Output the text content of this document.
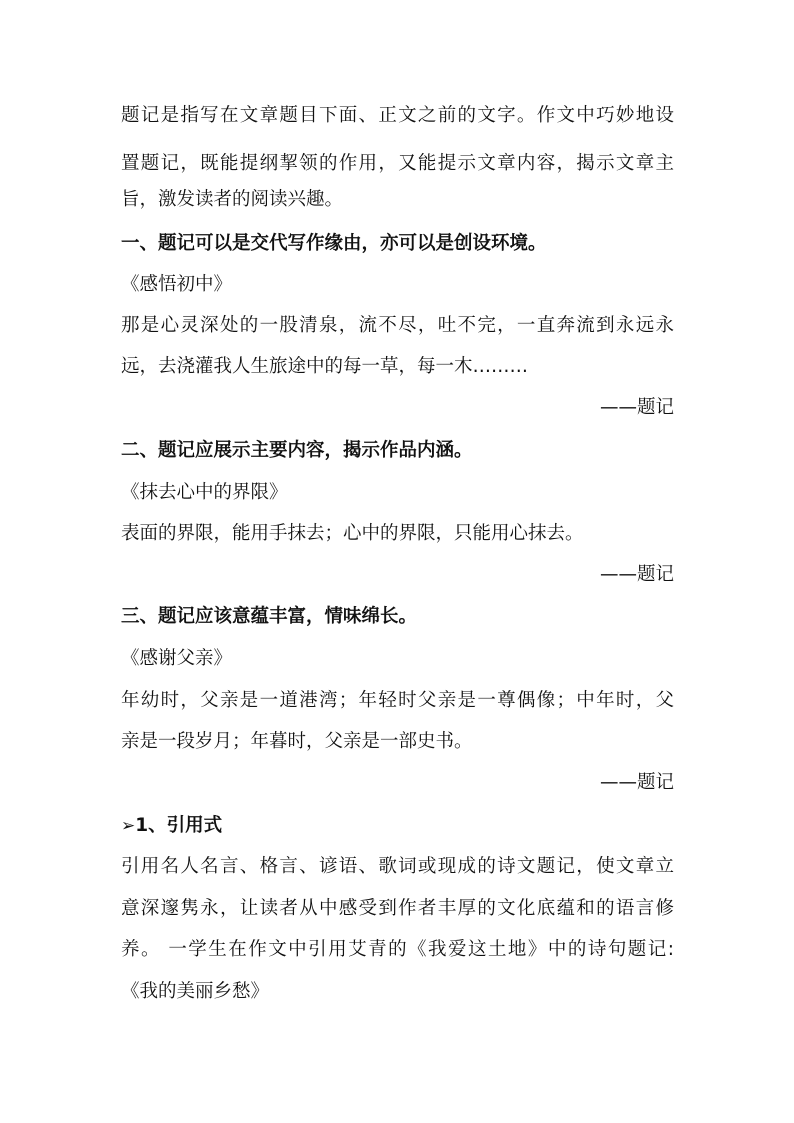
题记是指写在文章题目下面、正文之前的文字。作文中巧妙地设
置题记，既能提纲挈领的作用，又能提示文章内容，揭示文章主
旨，激发读者的阅读兴趣。
一、题记可以是交代写作缘由，亦可以是创设环境。
《感悟初中》
那是心灵深处的一股清泉，流不尽，吐不完，一直奔流到永远永
远，去浇灌我人生旅途中的每一草，每一木………
——题记
二、题记应展示主要内容，揭示作品内涵。
《抹去心中的界限》
表面的界限，能用手抹去；心中的界限，只能用心抹去。
——题记
三、题记应该意蕴丰富，情味绵长。
《感谢父亲》
年幼时，父亲是一道港湾；年轻时父亲是一尊偶像；中年时，父
亲是一段岁月；年暮时，父亲是一部史书。
——题记
➢1、引用式
引用名人名言、格言、谚语、歌词或现成的诗文题记，使文章立
意深邃隽永，让读者从中感受到作者丰厚的文化底蕴和的语言修
养。 一学生在作文中引用艾青的《我爱这土地》中的诗句题记:
《我的美丽乡愁》
